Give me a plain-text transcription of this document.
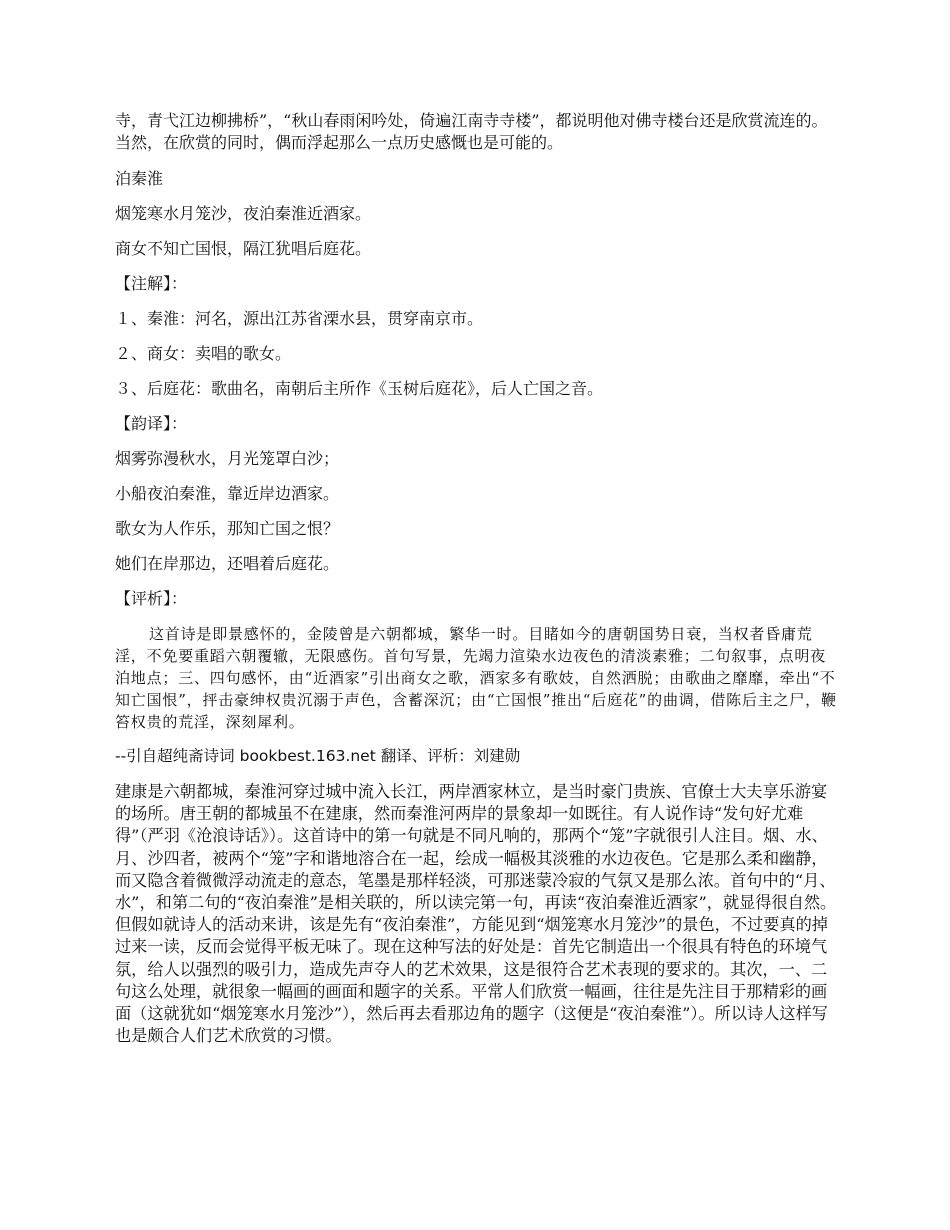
寺，青弋江边柳拂桥”，“秋山春雨闲吟处，倚遍江南寺寺楼”，都说明他对佛寺楼台还是欣赏流连的。当然，在欣赏的同时，偶而浮起那么一点历史感慨也是可能的。

泊秦淮

烟笼寒水月笼沙，夜泊秦淮近酒家。

商女不知亡国恨，隔江犹唱后庭花。

【注解】：

１、秦淮：河名，源出江苏省溧水县，贯穿南京市。

２、商女：卖唱的歌女。

３、后庭花：歌曲名，南朝后主所作《玉树后庭花》，后人亡国之音。

【韵译】：

烟雾弥漫秋水，月光笼罩白沙；

小船夜泊秦淮，靠近岸边酒家。

歌女为人作乐，那知亡国之恨？

她们在岸那边，还唱着后庭花。

【评析】：

这首诗是即景感怀的，金陵曾是六朝都城，繁华一时。目睹如今的唐朝国势日衰，当权者昏庸荒淫，不免要重蹈六朝覆辙，无限感伤。首句写景，先竭力渲染水边夜色的清淡素雅；二句叙事，点明夜泊地点；三、四句感怀，由“近酒家”引出商女之歌，酒家多有歌妓，自然洒脱；由歌曲之靡靡，牵出“不知亡国恨”，抨击豪绅权贵沉溺于声色，含蓄深沉；由“亡国恨”推出“后庭花”的曲调，借陈后主之尸，鞭笞权贵的荒淫，深刻犀利。

--引自超纯斋诗词 bookbest.163.net 翻译、评析：刘建勋

建康是六朝都城，秦淮河穿过城中流入长江，两岸酒家林立，是当时豪门贵族、官僚士大夫享乐游宴的场所。唐王朝的都城虽不在建康，然而秦淮河两岸的景象却一如既往。有人说作诗“发句好尤难得”（严羽《沧浪诗话》）。这首诗中的第一句就是不同凡响的，那两个“笼”字就很引人注目。烟、水、月、沙四者，被两个“笼”字和谐地溶合在一起，绘成一幅极其淡雅的水边夜色。它是那么柔和幽静，而又隐含着微微浮动流走的意态，笔墨是那样轻淡，可那迷蒙冷寂的气氛又是那么浓。首句中的“月、水”，和第二句的“夜泊秦淮”是相关联的，所以读完第一句，再读“夜泊秦淮近酒家”，就显得很自然。但假如就诗人的活动来讲，该是先有“夜泊秦淮”，方能见到“烟笼寒水月笼沙”的景色，不过要真的掉过来一读，反而会觉得平板无味了。现在这种写法的好处是：首先它制造出一个很具有特色的环境气氛，给人以强烈的吸引力，造成先声夺人的艺术效果，这是很符合艺术表现的要求的。其次，一、二句这么处理，就很象一幅画的画面和题字的关系。平常人们欣赏一幅画，往往是先注目于那精彩的画面（这就犹如“烟笼寒水月笼沙”），然后再去看那边角的题字（这便是“夜泊秦淮”）。所以诗人这样写也是颇合人们艺术欣赏的习惯。
